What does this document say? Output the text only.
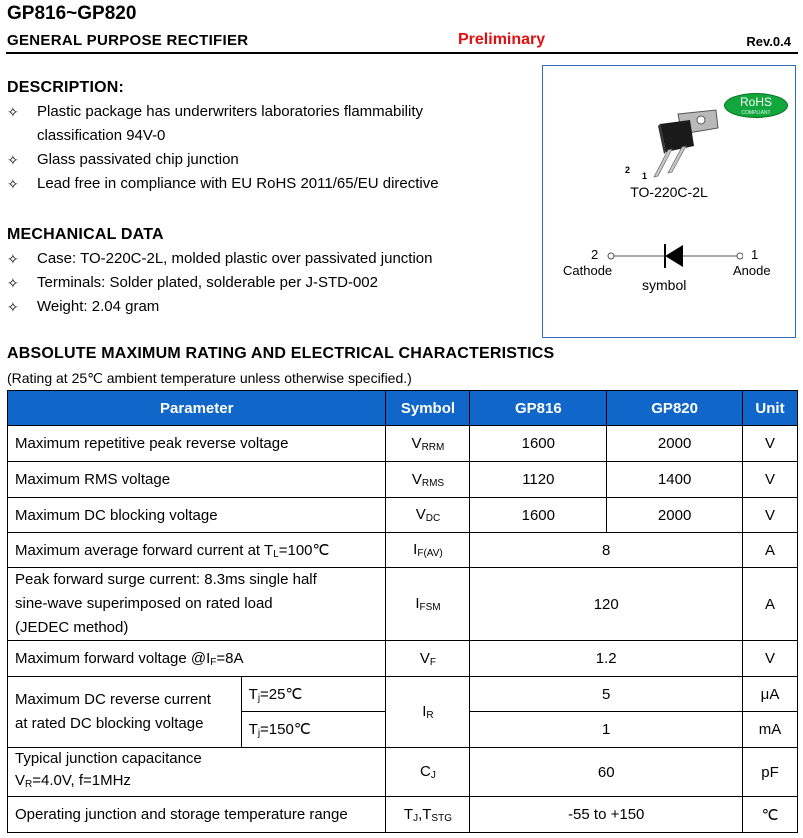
GP816~GP820
GENERAL PURPOSE RECTIFIER	Preliminary	Rev.0.4
DESCRIPTION:
✧	Plastic package has underwriters laboratories flammability
classification 94V-0
✧	Glass passivated chip junction
✧	Lead free in compliance with EU RoHS 2011/65/EU directive
MECHANICAL DATA
✧	Case: TO-220C-2L, molded plastic over passivated junction
✧	Terminals: Solder plated, solderable per J-STD-002
✧	Weight: 2.04 gram
RoHS
COMPLIANT
2
1
TO-220C-2L
2
Cathode
1
Anode
symbol
ABSOLUTE MAXIMUM RATING AND ELECTRICAL CHARACTERISTICS
(Rating at 25℃ ambient temperature unless otherwise specified.)
Parameter		Symbol	GP816	GP820	Unit
Maximum repetitive peak reverse voltage		$V_{RRM}$	1600	2000	V
Maximum RMS voltage		$V_{RMS}$	1120	1400	V
Maximum DC blocking voltage		$V_{DC}$	1600	2000	V
Maximum average forward current at $T_L=100℃$		$I_{F(AV)}$	8		A
Peak forward surge current: 8.3ms single half
sine-wave superimposed on rated load
(JEDEC method)		$I_{FSM}$	120		A
Maximum forward voltage $@I_F=8A$		$V_F$	1.2		V
Maximum DC reverse current
at rated DC blocking voltage	$T_j=25℃$	$I_R$	5		μA
	$T_j=150℃$		1		mA

Typical junction capacitance
$V_R=4.0V$, f=1MHz		$C_J$	60		pF
Operating junction and storage temperature range		$T_J,T_{STG}$	-55 to +150		℃
